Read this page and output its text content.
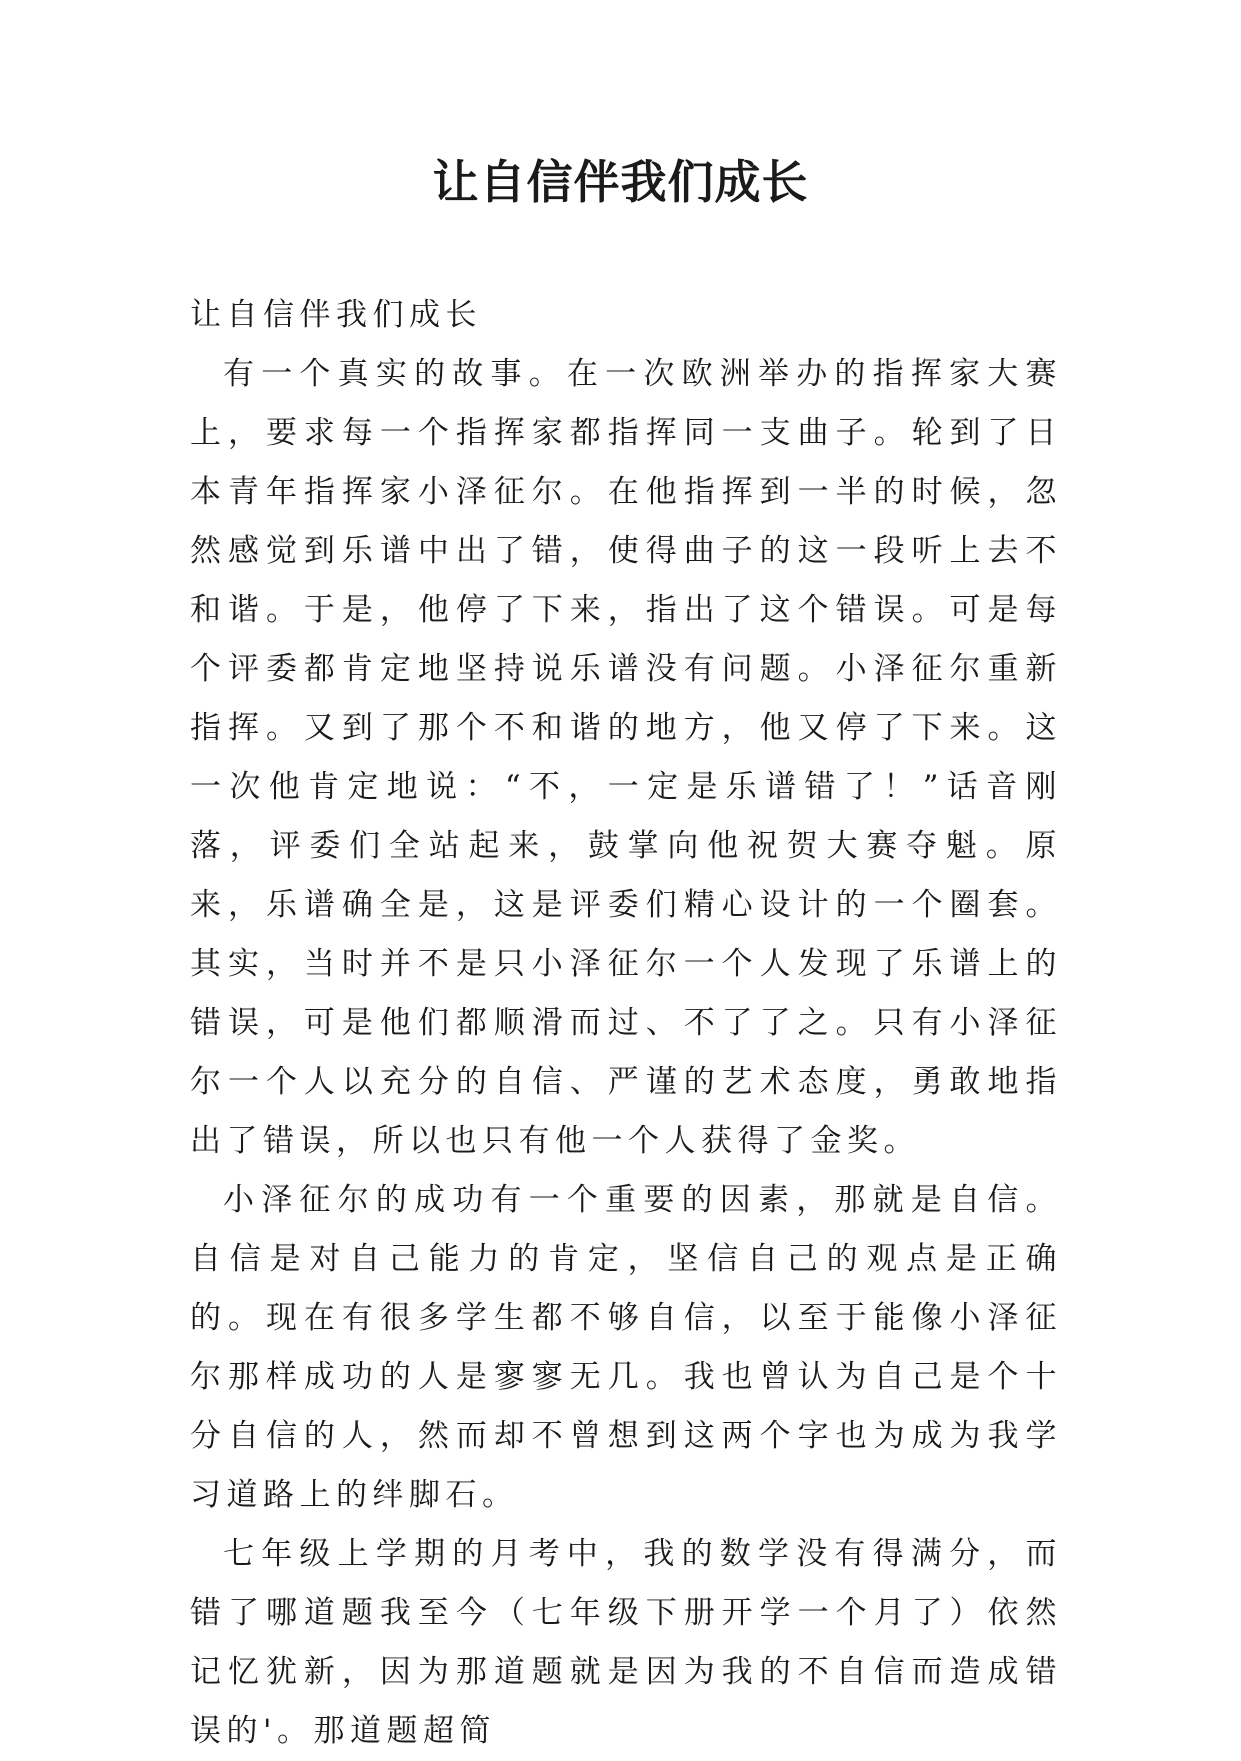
让自信伴我们成长

让自信伴我们成长

有一个真实的故事。在一次欧洲举办的指挥家大赛上，要求每一个指挥家都指挥同一支曲子。轮到了日本青年指挥家小泽征尔。在他指挥到一半的时候，忽然感觉到乐谱中出了错，使得曲子的这一段听上去不和谐。于是，他停了下来，指出了这个错误。可是每个评委都肯定地坚持说乐谱没有问题。小泽征尔重新指挥。又到了那个不和谐的地方，他又停了下来。这一次他肯定地说：“不，一定是乐谱错了！”话音刚落，评委们全站起来，鼓掌向他祝贺大赛夺魁。原来，乐谱确全是，这是评委们精心设计的一个圈套。其实，当时并不是只小泽征尔一个人发现了乐谱上的错误，可是他们都顺滑而过、不了了之。只有小泽征尔一个人以充分的自信、严谨的艺术态度，勇敢地指出了错误，所以也只有他一个人获得了金奖。

小泽征尔的成功有一个重要的因素，那就是自信。自信是对自己能力的肯定，坚信自己的观点是正确的。现在有很多学生都不够自信，以至于能像小泽征尔那样成功的人是寥寥无几。我也曾认为自己是个十分自信的人，然而却不曾想到这两个字也为成为我学习道路上的绊脚石。

七年级上学期的月考中，我的数学没有得满分，而错了哪道题我至今（七年级下册开学一个月了）依然记忆犹新，因为那道题就是因为我的不自信而造成错误的'。那道题超简
